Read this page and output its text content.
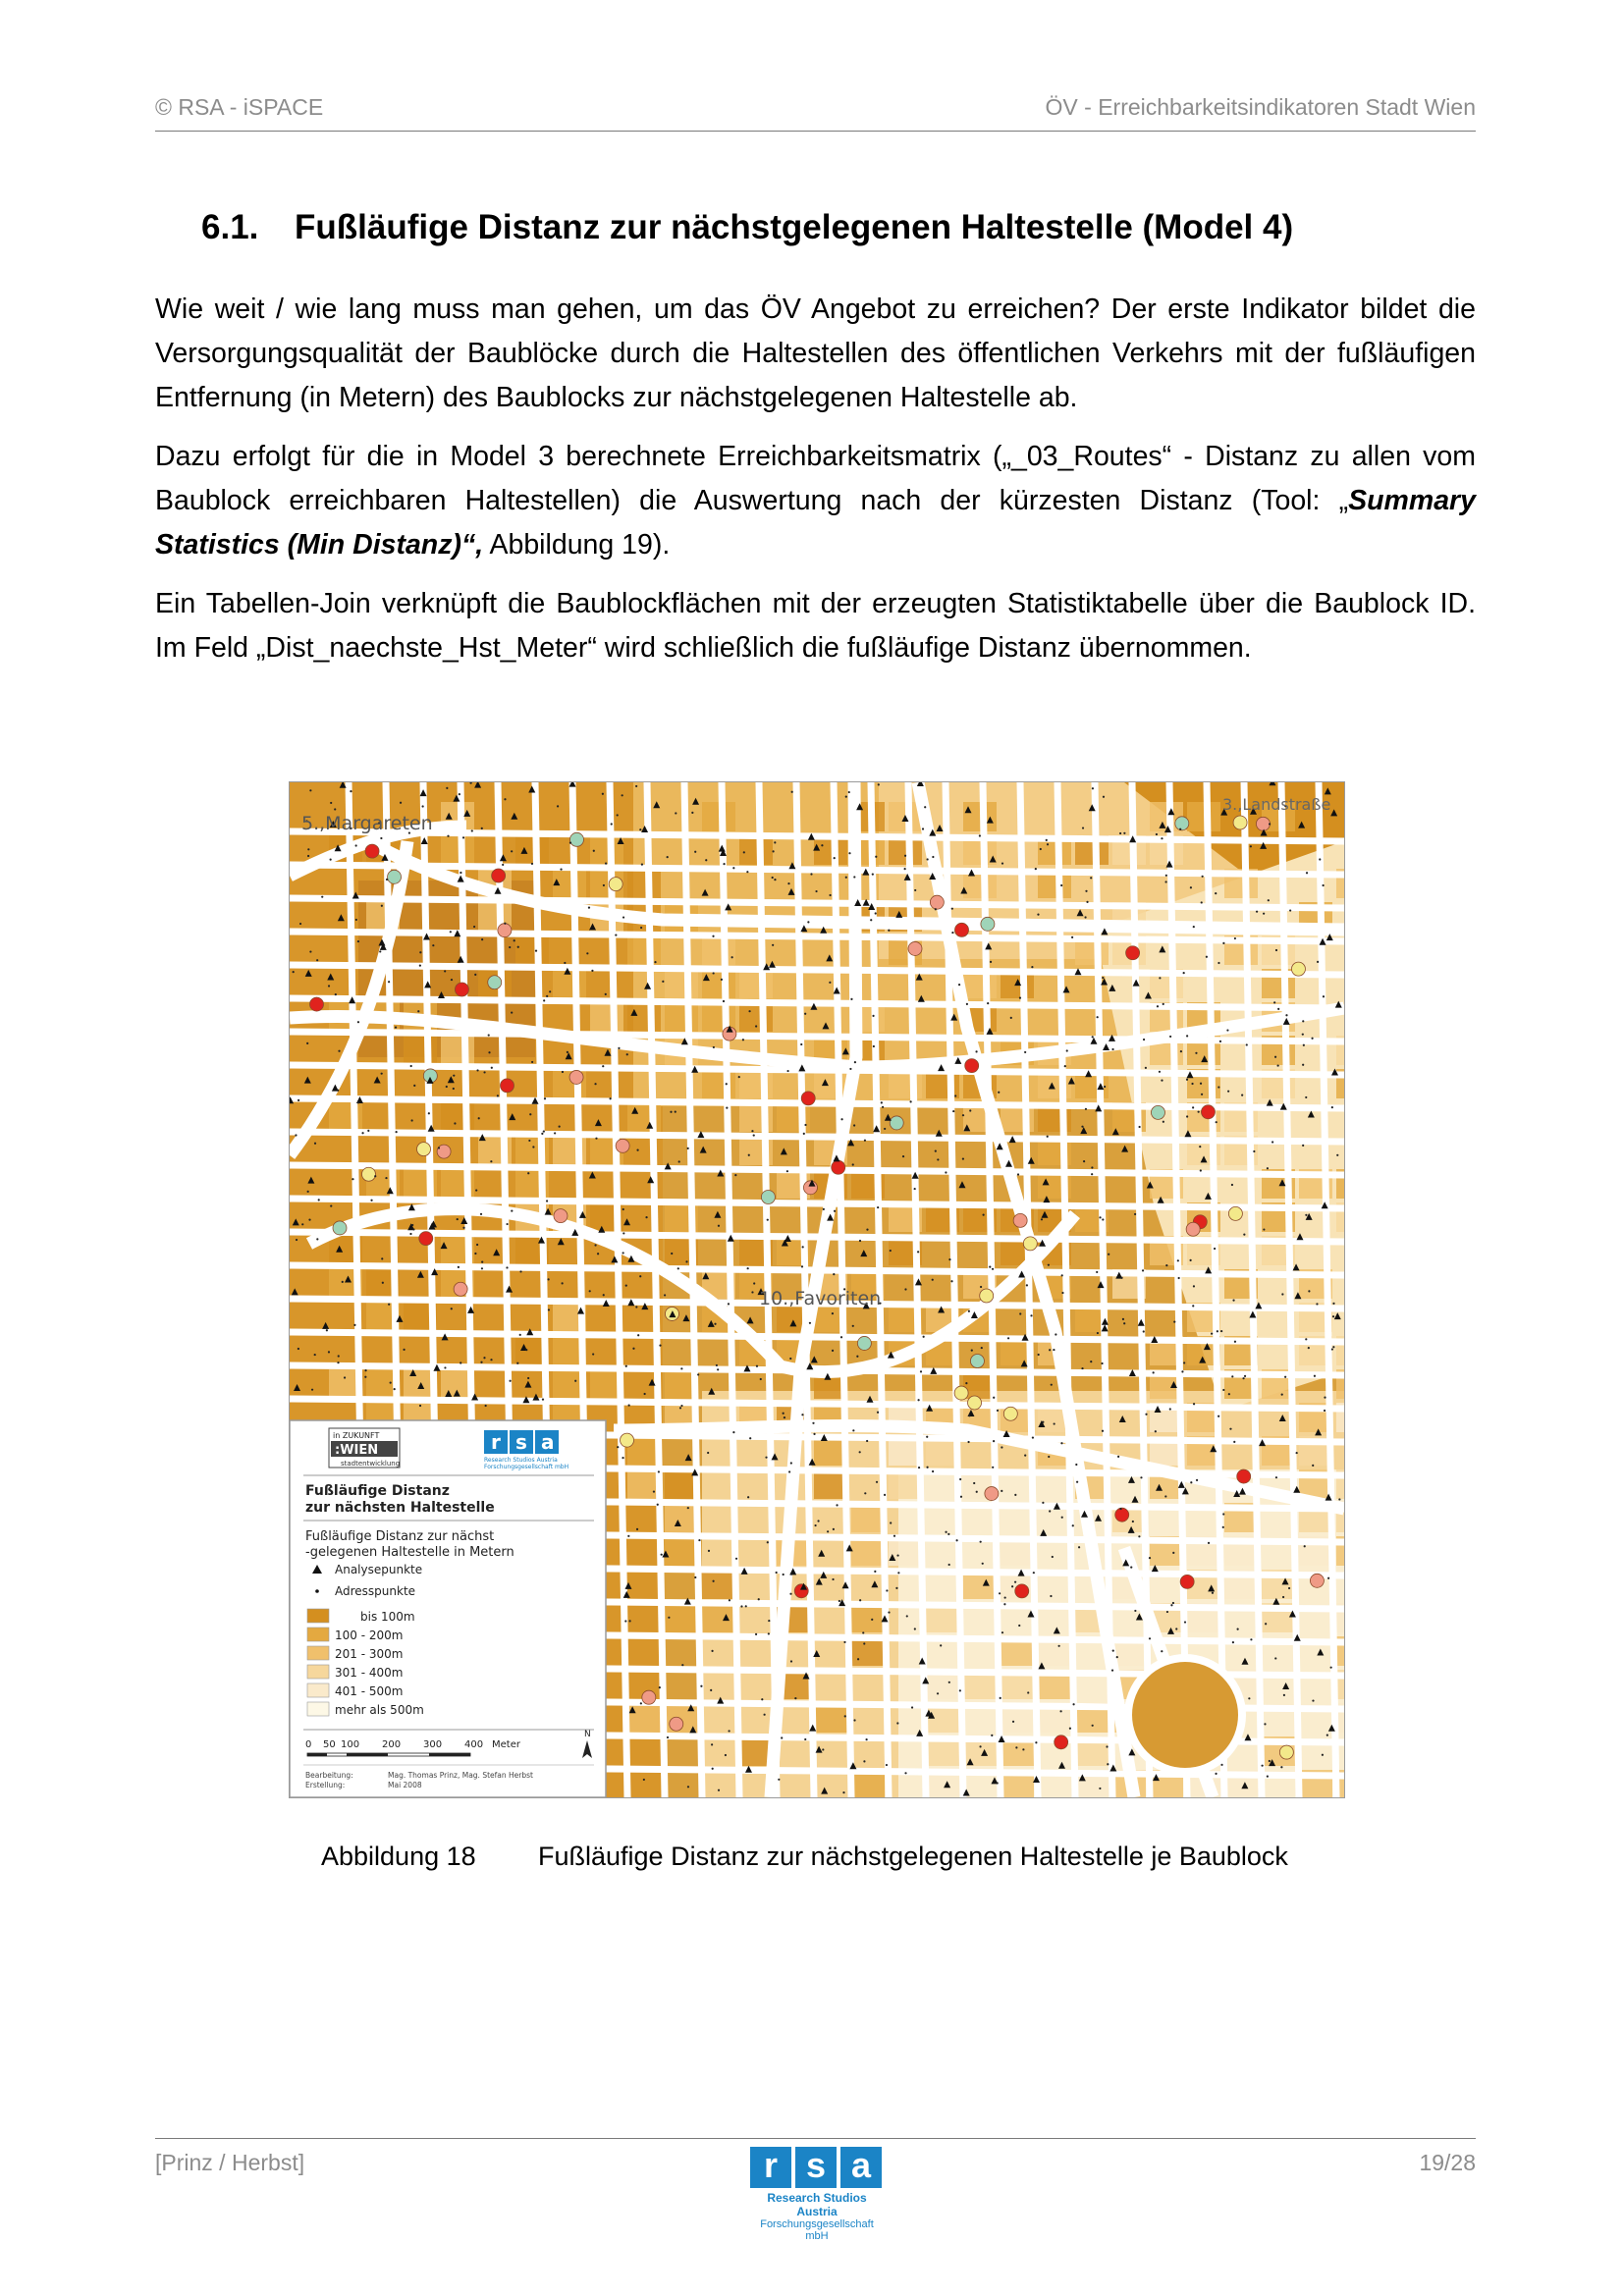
© RSA - iSPACE	ÖV - Erreichbarkeitsindikatoren Stadt Wien
6.1. Fußläufige Distanz zur nächstgelegenen Haltestelle (Model 4)

Wie weit / wie lang muss man gehen, um das ÖV Angebot zu erreichen? Der erste Indikator bildet die Versorgungsqualität der Baublöcke durch die Haltestellen des öffentlichen Verkehrs mit der fußläufigen Entfernung (in Metern) des Baublocks zur nächstgelegenen Haltestelle ab.

Dazu erfolgt für die in Model 3 berechnete Erreichbarkeitsmatrix („_03_Routes“ - Distanz zu allen vom Baublock erreichbaren Haltestellen) die Auswertung nach der kürzesten Distanz (Tool: „Summary Statistics (Min Distanz)“, Abbildung 19).

Ein Tabellen-Join verknüpft die Baublockflächen mit der erzeugten Statistiktabelle über die Baublock ID. Im Feld „Dist_naechste_Hst_Meter“ wird schließlich die fußläufige Distanz übernommen.

5.,Margareten
3.,Landstraße
10.,Favoriten
in ZUKUNFT
:WIEN
stadtentwicklung
r s a
Research Studios Austria
Forschungsgesellschaft mbH
Fußläufige Distanz
zur nächsten Haltestelle
Fußläufige Distanz zur nächst
-gelegenen Haltestelle in Metern
Analysepunkte
Adresspunkte
bis 100m
100 - 200m
201 - 300m
301 - 400m
401 - 500m
mehr als 500m
0 50 100 200 300 400 Meter
N
Bearbeitung:	Mag. Thomas Prinz, Mag. Stefan Herbst
Erstellung:	Mai 2008
Abbildung 18 Fußläufige Distanz zur nächstgelegenen Haltestelle je Baublock
[Prinz / Herbst]	r s a
Research Studios Austria
Forschungsgesellschaft mbH
19/28
